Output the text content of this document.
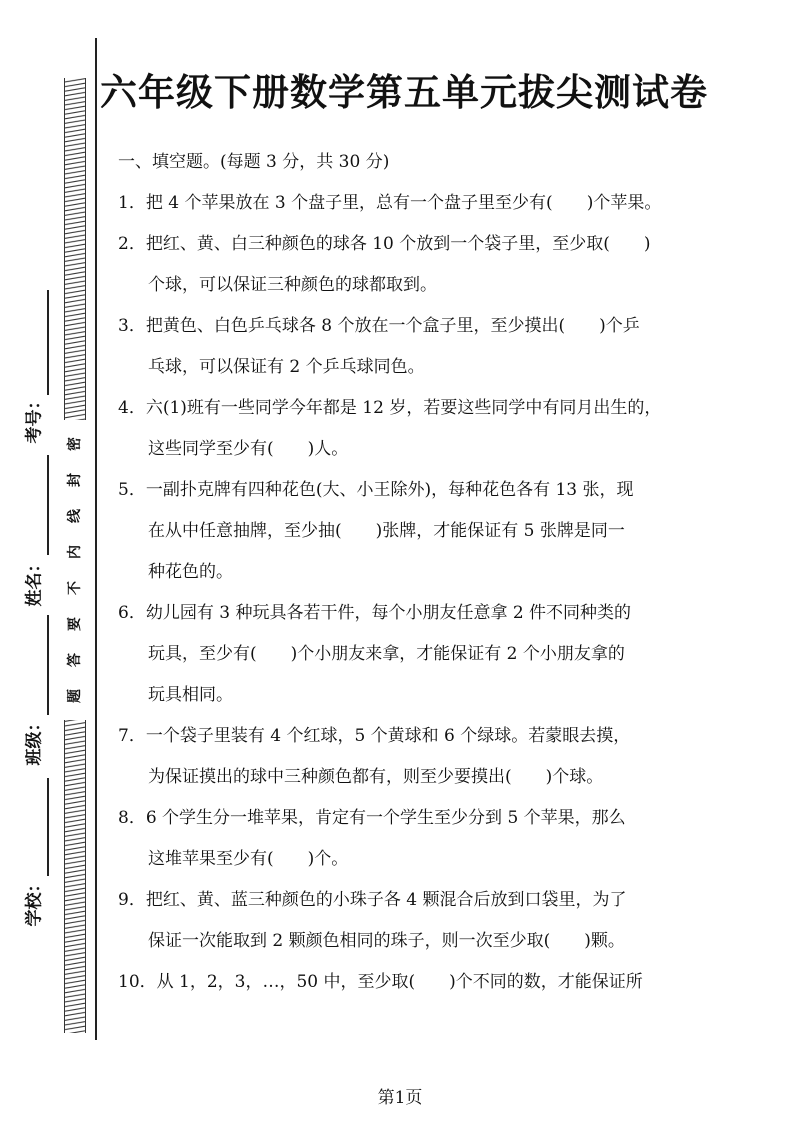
密
封
线
内
不
要
答
题
考号：
姓名：
班级：
学校：
六年级下册数学第五单元拔尖测试卷
一、填空题。(每题 3 分，共 30 分)
1．把 4 个苹果放在 3 个盘子里，总有一个盘子里至少有(　　)个苹果。
2．把红、黄、白三种颜色的球各 10 个放到一个袋子里，至少取(　　)
个球，可以保证三种颜色的球都取到。
3．把黄色、白色乒乓球各 8 个放在一个盒子里，至少摸出(　　)个乒
乓球，可以保证有 2 个乒乓球同色。
4．六(1)班有一些同学今年都是 12 岁，若要这些同学中有同月出生的，
这些同学至少有(　　)人。
5．一副扑克牌有四种花色(大、小王除外)，每种花色各有 13 张，现
在从中任意抽牌，至少抽(　　)张牌，才能保证有 5 张牌是同一
种花色的。
6．幼儿园有 3 种玩具各若干件，每个小朋友任意拿 2 件不同种类的
玩具，至少有(　　)个小朋友来拿，才能保证有 2 个小朋友拿的
玩具相同。
7．一个袋子里装有 4 个红球，5 个黄球和 6 个绿球。若蒙眼去摸，
为保证摸出的球中三种颜色都有，则至少要摸出(　　)个球。
8．6 个学生分一堆苹果，肯定有一个学生至少分到 5 个苹果，那么
这堆苹果至少有(　　)个。
9．把红、黄、蓝三种颜色的小珠子各 4 颗混合后放到口袋里，为了
保证一次能取到 2 颗颜色相同的珠子，则一次至少取(　　)颗。
10．从 1，2，3，…，50 中，至少取(　　)个不同的数，才能保证所
第1页
